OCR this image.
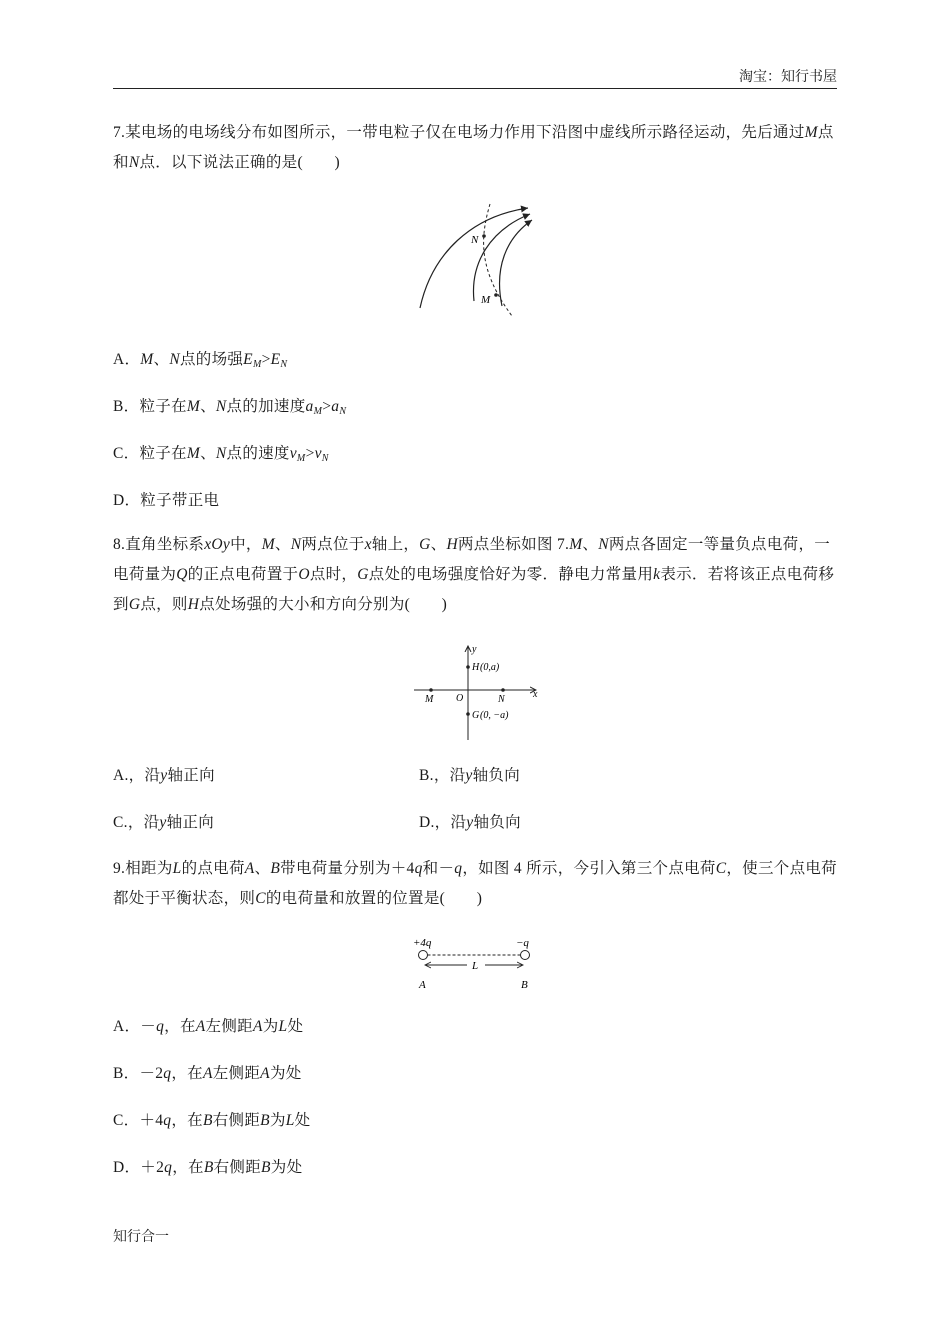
淘宝：知行书屋
7.某电场的电场线分布如图所示，一带电粒子仅在电场力作用下沿图中虚线所示路径运动，先后通过M点和N点．以下说法正确的是(　　)
N
M
A．M、N点的场强$E_M>E_N$
B．粒子在M、N点的加速度$a_M>a_N$
C．粒子在M、N点的速度$v_M>v_N$
D．粒子带正电
8.直角坐标系xOy中，M、N两点位于x轴上，G、H两点坐标如图 7.M、N两点各固定一等量负点电荷，一电荷量为Q的正点电荷置于O点时，G点处的电场强度恰好为零．静电力常量用k表示．若将该正点电荷移到G点，则H点处场强的大小和方向分别为(　　)
y
x
H (0,a)
G (0, −a)
M O	N
A.，沿y轴正向	B.，沿y轴负向
C.，沿y轴正向	D.，沿y轴负向
9.相距为L的点电荷A、B带电荷量分别为＋4q和－q，如图 4 所示，今引入第三个点电荷C，使三个点电荷都处于平衡状态，则C的电荷量和放置的位置是(　　)
+4q	−q
L
A	B
A．－q，在A左侧距A为L处
B．－2q，在A左侧距A为处
C．＋4q，在B右侧距B为L处
D．＋2q，在B右侧距B为处
知行合一
